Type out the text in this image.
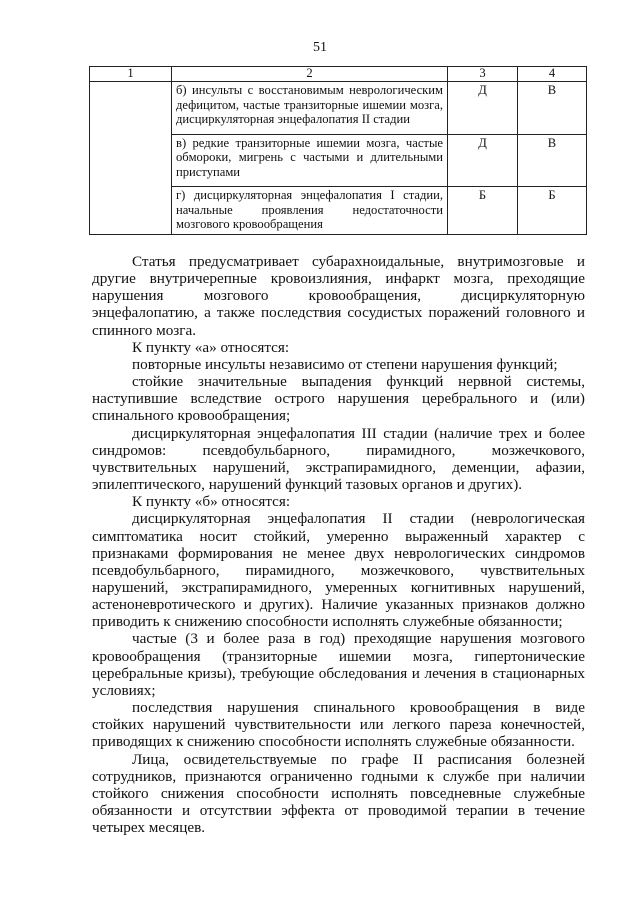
51
1	2	3	4

	б) инсульты с восстановимым неврологическим дефицитом, частые транзиторные ишемии мозга, дисциркуляторная энцефалопатия II стадии	Д	В

	в) редкие транзиторные ишемии мозга, частые обмороки, мигрень с частыми и длительными приступами	Д	В

	г) дисциркуляторная энцефалопатия I стадии, начальные проявления недостаточности мозгового кровообращения	Б	Б

Статья предусматривает субарахноидальные, внутримозговые и другие внутричерепные кровоизлияния, инфаркт мозга, преходящие нарушения мозгового кровообращения, дисциркуляторную энцефалопатию, а также последствия сосудистых поражений головного и спинного мозга.

К пункту «а» относятся:

повторные инсульты независимо от степени нарушения функций;

стойкие значительные выпадения функций нервной системы, наступившие вследствие острого нарушения церебрального и (или) спинального кровообращения;

дисциркуляторная энцефалопатия III стадии (наличие трех и более синдромов: псевдобульбарного, пирамидного, мозжечкового, чувствительных нарушений, экстрапирамидного, деменции, афазии, эпилептического, нарушений функций тазовых органов и других).

К пункту «б» относятся:

дисциркуляторная энцефалопатия II стадии (неврологическая симптоматика носит стойкий, умеренно выраженный характер с признаками формирования не менее двух неврологических синдромов псевдобульбарного, пирамидного, мозжечкового, чувствительных нарушений, экстрапирамидного, умеренных когнитивных нарушений, астеноневротического и других). Наличие указанных признаков должно приводить к снижению способности исполнять служебные обязанности;

частые (3 и более раза в год) преходящие нарушения мозгового кровообращения (транзиторные ишемии мозга, гипертонические церебральные кризы), требующие обследования и лечения в стационарных условиях;

последствия нарушения спинального кровообращения в виде стойких нарушений чувствительности или легкого пареза конечностей, приводящих к снижению способности исполнять служебные обязанности.

Лица, освидетельствуемые по графе II расписания болезней сотрудников, признаются ограниченно годными к службе при наличии стойкого снижения способности исполнять повседневные служебные обязанности и отсутствии эффекта от проводимой терапии в течение четырех месяцев.
